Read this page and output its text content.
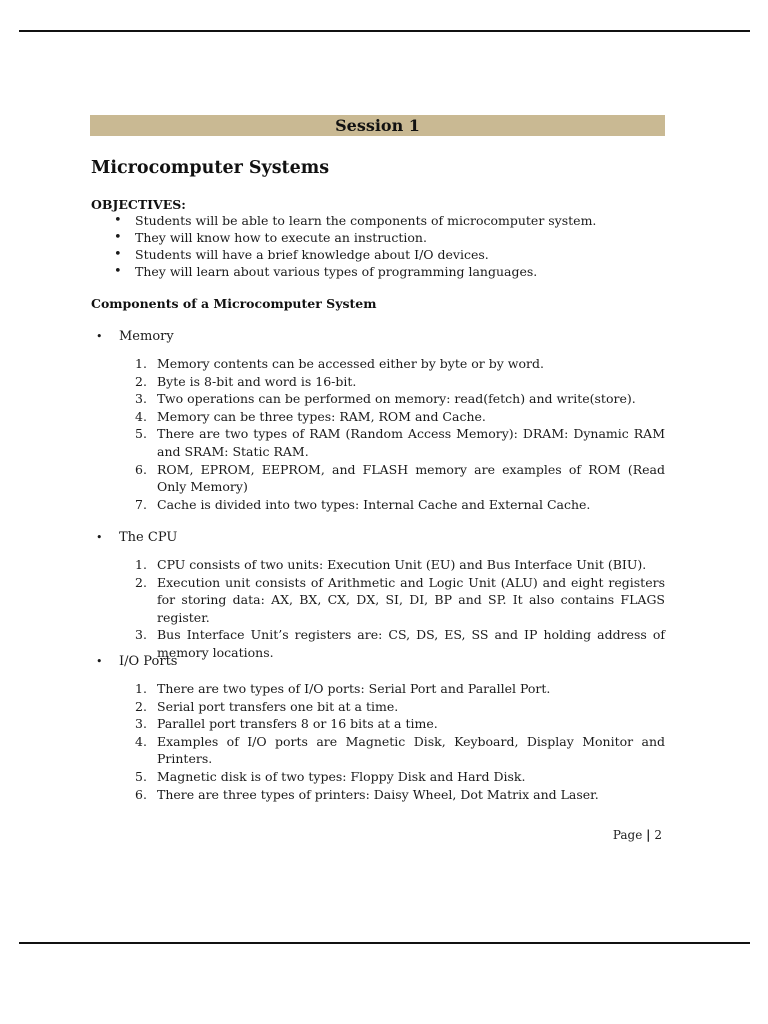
Session 1
Microcomputer Systems
OBJECTIVES:
• Students will be able to learn the components of microcomputer system.
• They will know how to execute an instruction.
• Students will have a brief knowledge about I/O devices.
• They will learn about various types of programming languages.
Components of a Microcomputer System
• Memory
1. Memory contents can be accessed either by byte or by word.
2. Byte is 8-bit and word is 16-bit.
3. Two operations can be performed on memory: read(fetch) and write(store).
4. Memory can be three types: RAM, ROM and Cache.
5. There are two types of RAM (Random Access Memory): DRAM: Dynamic RAM and SRAM: Static RAM.
6. ROM, EPROM, EEPROM, and FLASH memory are examples of ROM (Read Only Memory)
7. Cache is divided into two types: Internal Cache and External Cache.
• The CPU
1. CPU consists of two units: Execution Unit (EU) and Bus Interface Unit (BIU).
2. Execution unit consists of Arithmetic and Logic Unit (ALU) and eight registers for storing data: AX, BX, CX, DX, SI, DI, BP and SP. It also contains FLAGS register.
3. Bus Interface Unit’s registers are: CS, DS, ES, SS and IP holding address of memory locations.
• I/O Ports
1. There are two types of I/O ports: Serial Port and Parallel Port.
2. Serial port transfers one bit at a time.
3. Parallel port transfers 8 or 16 bits at a time.
4. Examples of I/O ports are Magnetic Disk, Keyboard, Display Monitor and Printers.
5. Magnetic disk is of two types: Floppy Disk and Hard Disk.
6. There are three types of printers: Daisy Wheel, Dot Matrix and Laser.
Page | 2
